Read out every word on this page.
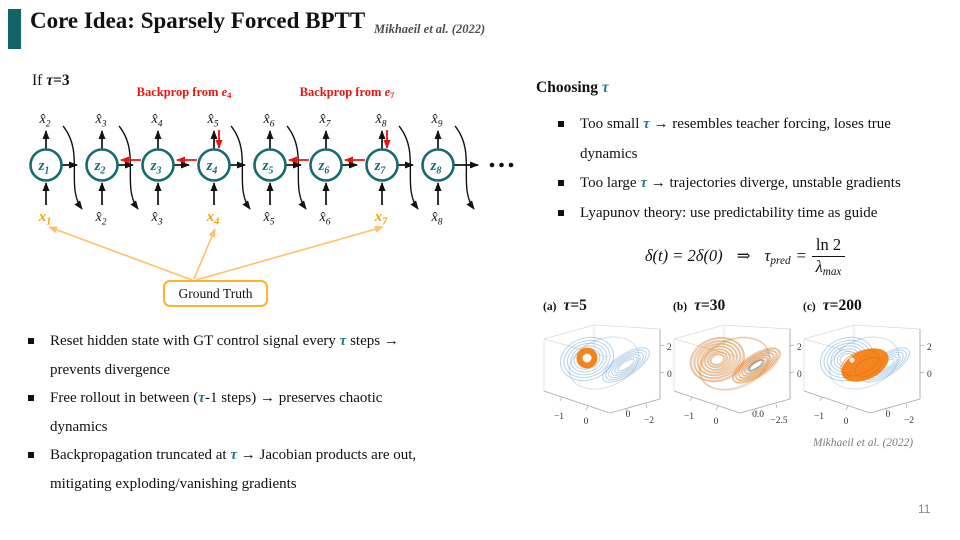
Core Idea: Sparsely Forced BPTT Mikhaeil et al. (2022)
If τ=3
Backprop from e4	Backprop from e7
$z_1$	$z_2$	$z_3$	$z_4$	$z_5$	$z_6$	$z_7$	$z_8$
$x̂_2$
$x_1$
$x̂_3$
$x̂_2$
$x̂_4$
$x̂_3$
$x̂_5$
$x_4$
$x̂_6$
$x̂_5$
$x̂_7$
$x̂_6$
$x̂_8$
$x_7$
$x̂_9$
$x̂_8$
Ground Truth
Reset hidden state with GT control signal every τ steps →
prevents divergence
Free rollout in between (τ-1 steps) → preserves chaotic
dynamics
Backpropagation truncated at τ → Jacobian products are out,
mitigating exploding/vanishing gradients
Choosing τ
Too small τ → resembles teacher forcing, loses true
dynamics
Too large τ → trajectories diverge, unstable gradients
Lyapunov theory: use predictability time as guide
δ(t) = 2δ(0) ⇒ τpred = $\frac{\ln 2}{\lambda\max}$
(a) τ=5	(b) τ=30	(c) τ=200
−1 0
0
−2
2
0
−1 0
0.0
−2.5
2
0
−1 0
0
−2
2
0
Mikhaeil et al. (2022)
11
